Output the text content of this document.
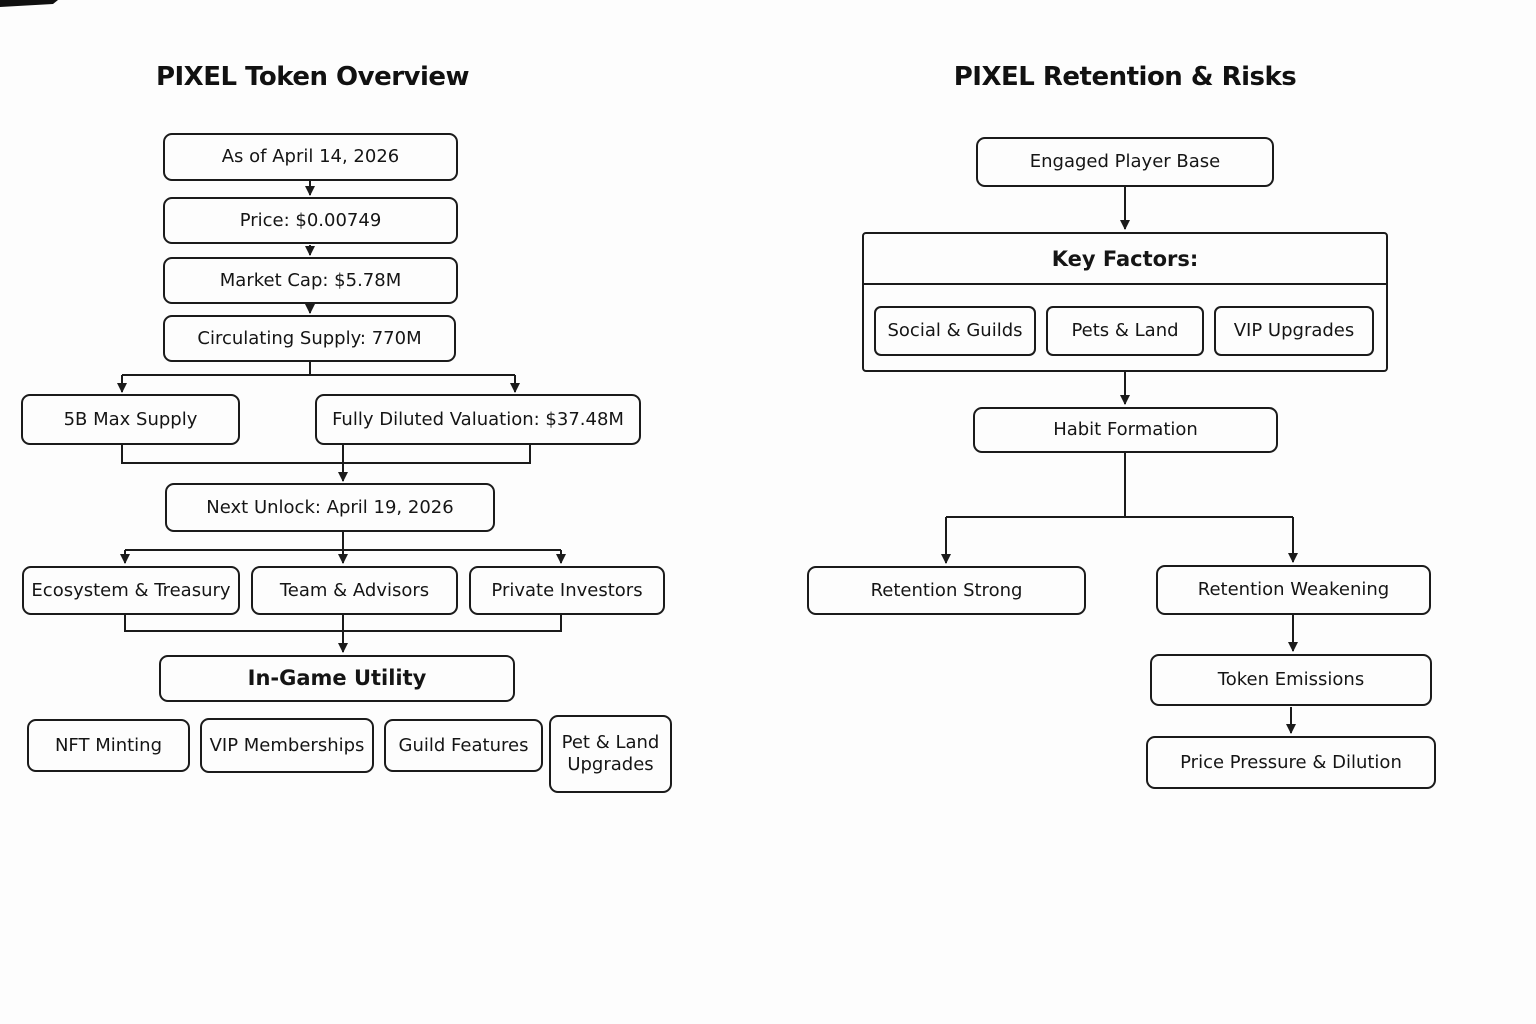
PIXEL Token Overview
As of April 14, 2026
Price: $0.00749
Market Cap: $5.78M
Circulating Supply: 770M
5B Max Supply	Fully Diluted Valuation: $37.48M
Next Unlock: April 19, 2026
Ecosystem & Treasury	Team & Advisors	Private Investors
In-Game Utility
NFT Minting	VIP Memberships	Guild Features	Pet & Land Upgrades
PIXEL Retention & Risks
Engaged Player Base
Key Factors:
Social & Guilds	Pets & Land	VIP Upgrades
Habit Formation
Retention Strong	Retention Weakening
Token Emissions
Price Pressure & Dilution
